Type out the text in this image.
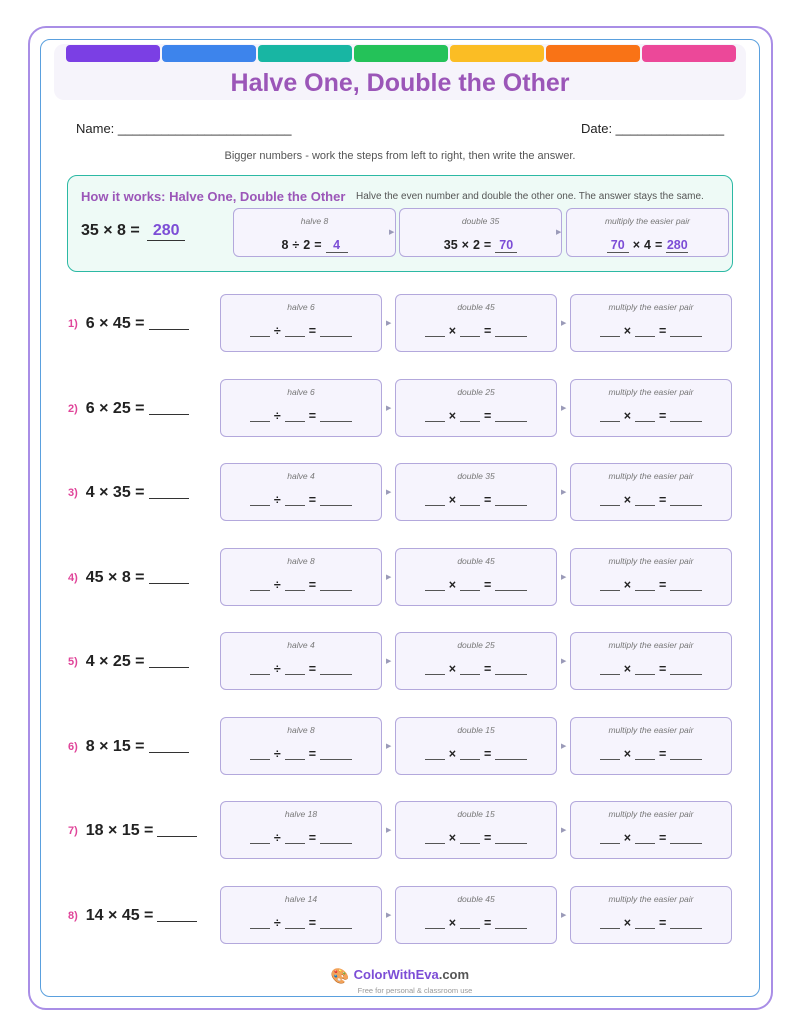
Halve One, Double the Other
Name: ________________________	Date: _______________
Bigger numbers - work the steps from left to right, then write the answer.
How it works: Halve One, Double the Other Halve the even number and double the other one. The answer stays the same.
35 × 8 = 280
halve 8
8 ÷ 2 = 4
double 35
35 × 2 = 70
multiply the easier pair
70 × 4 = 280
▶	▶
1) 6 × 45 =
halve 6
÷ =
double 45
× =
multiply the easier pair
× =
▶	▶
2) 6 × 25 =
halve 6
÷ =
double 25
× =
multiply the easier pair
× =
▶	▶
3) 4 × 35 =
halve 4
÷ =
double 35
× =
multiply the easier pair
× =
▶	▶
4) 45 × 8 =
halve 8
÷ =
double 45
× =
multiply the easier pair
× =
▶	▶
5) 4 × 25 =
halve 4
÷ =
double 25
× =
multiply the easier pair
× =
▶	▶
6) 8 × 15 =
halve 8
÷ =
double 15
× =
multiply the easier pair
× =
▶	▶
7) 18 × 15 =
halve 18
÷ =
double 15
× =
multiply the easier pair
× =
▶	▶
8) 14 × 45 =
halve 14
÷ =
double 45
× =
multiply the easier pair
× =
▶	▶
🎨 ColorWithEva.com
Free for personal & classroom use
